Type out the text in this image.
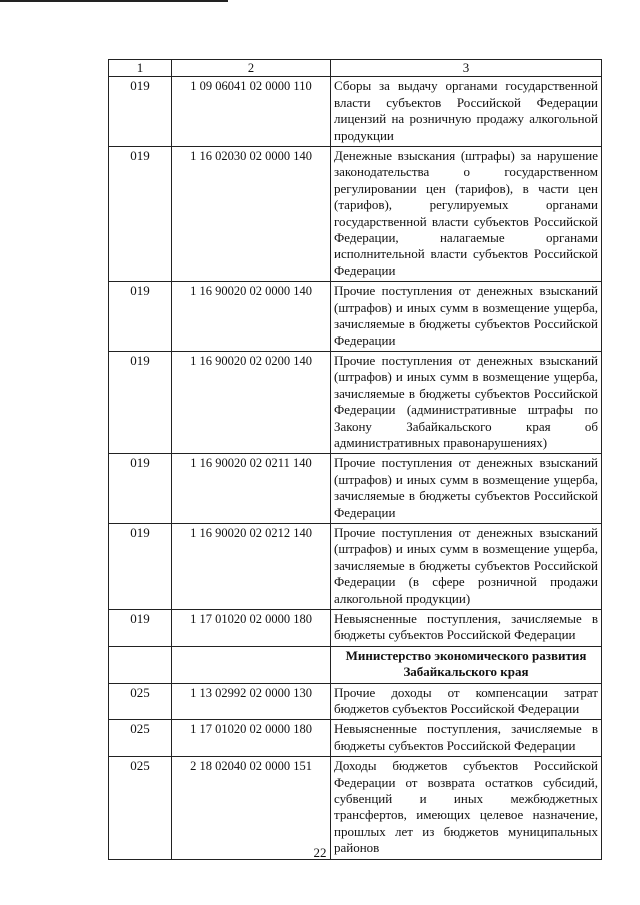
1	2	3
019	1 09 06041 02 0000 110	Сборы за выдачу органами государственной власти субъектов Российской Федерации лицензий на розничную продажу алкогольной продукции
019	1 16 02030 02 0000 140	Денежные взыскания (штрафы) за нарушение законодательства о государственном регулировании цен (тарифов), в части цен (тарифов), регулируемых органами государственной власти субъектов Российской Федерации, налагаемые органами исполнительной власти субъектов Российской Федерации
019	1 16 90020 02 0000 140	Прочие поступления от денежных взысканий (штрафов) и иных сумм в возмещение ущерба, зачисляемые в бюджеты субъектов Российской Федерации
019	1 16 90020 02 0200 140	Прочие поступления от денежных взысканий (штрафов) и иных сумм в возмещение ущерба, зачисляемые в бюджеты субъектов Российской Федерации (административные штрафы по Закону Забайкальского края об административных правонарушениях)
019	1 16 90020 02 0211 140	Прочие поступления от денежных взысканий (штрафов) и иных сумм в возмещение ущерба, зачисляемые в бюджеты субъектов Российской Федерации
019	1 16 90020 02 0212 140	Прочие поступления от денежных взысканий (штрафов) и иных сумм в возмещение ущерба, зачисляемые в бюджеты субъектов Российской Федерации (в сфере розничной продажи алкогольной продукции)
019	1 17 01020 02 0000 180	Невыясненные поступления, зачисляемые в бюджеты субъектов Российской Федерации
		Министерство экономического развития Забайкальского края
025	1 13 02992 02 0000 130	Прочие доходы от компенсации затрат бюджетов субъектов Российской Федерации
025	1 17 01020 02 0000 180	Невыясненные поступления, зачисляемые в бюджеты субъектов Российской Федерации
025	2 18 02040 02 0000 151	Доходы бюджетов субъектов Российской Федерации от возврата остатков субсидий, субвенций и иных межбюджетных трансфертов, имеющих целевое назначение, прошлых лет из бюджетов муниципальных районов
22
